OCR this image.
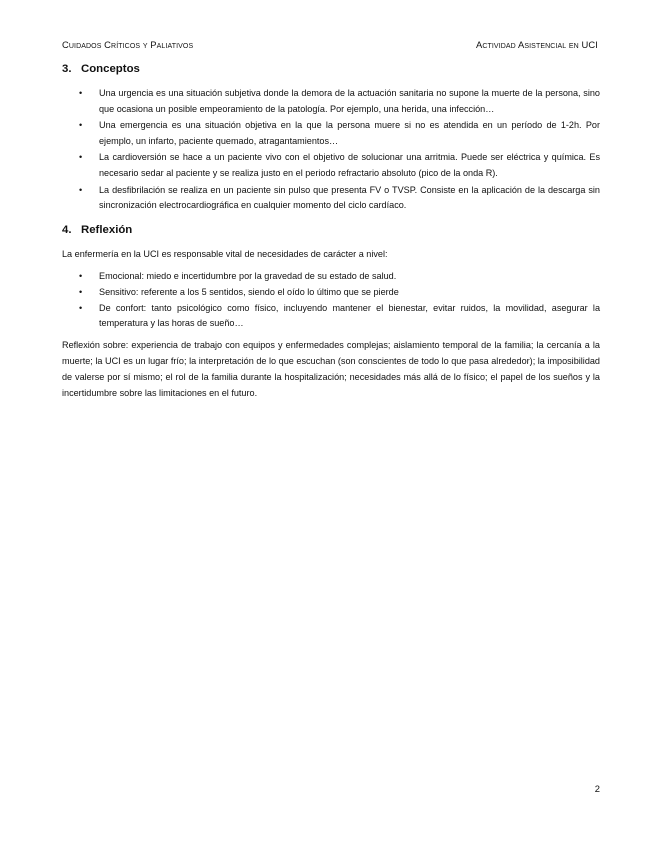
Cuidados Críticos y Paliativos	Actividad Asistencial en UCI
3. Conceptos
• Una urgencia es una situación subjetiva donde la demora de la actuación sanitaria no supone la muerte de la persona, sino que ocasiona un posible empeoramiento de la patología. Por ejemplo, una herida, una infección…
• Una emergencia es una situación objetiva en la que la persona muere si no es atendida en un período de 1-2h. Por ejemplo, un infarto, paciente quemado, atragantamientos…
• La cardioversión se hace a un paciente vivo con el objetivo de solucionar una arritmia. Puede ser eléctrica y química. Es necesario sedar al paciente y se realiza justo en el periodo refractario absoluto (pico de la onda R).
• La desfibrilación se realiza en un paciente sin pulso que presenta FV o TVSP. Consiste en la aplicación de la descarga sin sincronización electrocardiográfica en cualquier momento del ciclo cardíaco.
4. Reflexión

La enfermería en la UCI es responsable vital de necesidades de carácter a nivel:

• Emocional: miedo e incertidumbre por la gravedad de su estado de salud.
• Sensitivo: referente a los 5 sentidos, siendo el oído lo último que se pierde
• De confort: tanto psicológico como físico, incluyendo mantener el bienestar, evitar ruidos, la movilidad, asegurar la temperatura y las horas de sueño…

Reflexión sobre: experiencia de trabajo con equipos y enfermedades complejas; aislamiento temporal de la familia; la cercanía a la muerte; la UCI es un lugar frío; la interpretación de lo que escuchan (son conscientes de todo lo que pasa alrededor); la imposibilidad de valerse por sí mismo; el rol de la familia durante la hospitalización; necesidades más allá de lo físico; el papel de los sueños y la incertidumbre sobre las limitaciones en el futuro.

2
